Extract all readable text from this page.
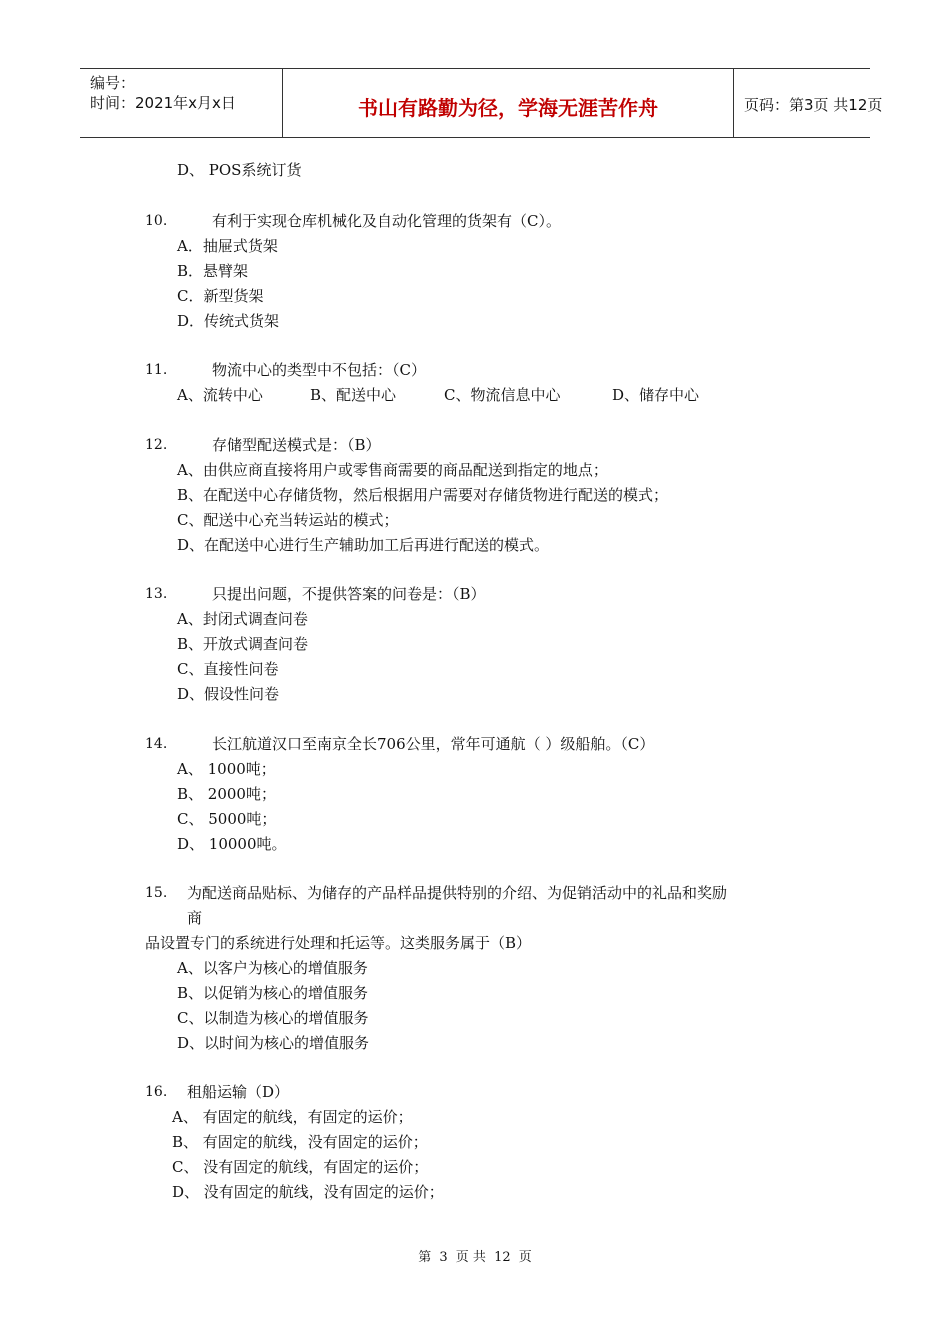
编号：
时间：2021年x月x日	书山有路勤为径，学海无涯苦作舟	页码：第3页 共12页
D、 POS系统订货
10.	有利于实现仓库机械化及自动化管理的货架有（C）。
A．抽屉式货架
B．悬臂架
C．新型货架
D．传统式货架
11.	物流中心的类型中不包括：（C）
A、流转中心	B、配送中心	C、物流信息中心	D、储存中心
12.	存储型配送模式是：（B）
A、由供应商直接将用户或零售商需要的商品配送到指定的地点；
B、在配送中心存储货物，然后根据用户需要对存储货物进行配送的模式；
C、配送中心充当转运站的模式；
D、在配送中心进行生产辅助加工后再进行配送的模式。
13.	只提出问题，不提供答案的问卷是：（B）
A、封闭式调查问卷
B、开放式调查问卷
C、直接性问卷
D、假设性问卷
14.	长江航道汉口至南京全长706公里，常年可通航（ ）级船舶。（C）
A、 1000吨；
B、 2000吨；
C、 5000吨；
D、 10000吨。
15. 为配送商品贴标、为储存的产品样品提供特别的介绍、为促销活动中的礼品和奖励
商
品设置专门的系统进行处理和托运等。这类服务属于（B）
A、以客户为核心的增值服务
B、以促销为核心的增值服务
C、以制造为核心的增值服务
D、以时间为核心的增值服务
16. 租船运输（D）
A、 有固定的航线，有固定的运价；
B、 有固定的航线，没有固定的运价；
C、 没有固定的航线，有固定的运价；
D、 没有固定的航线，没有固定的运价；
第 3 页 共 12 页
